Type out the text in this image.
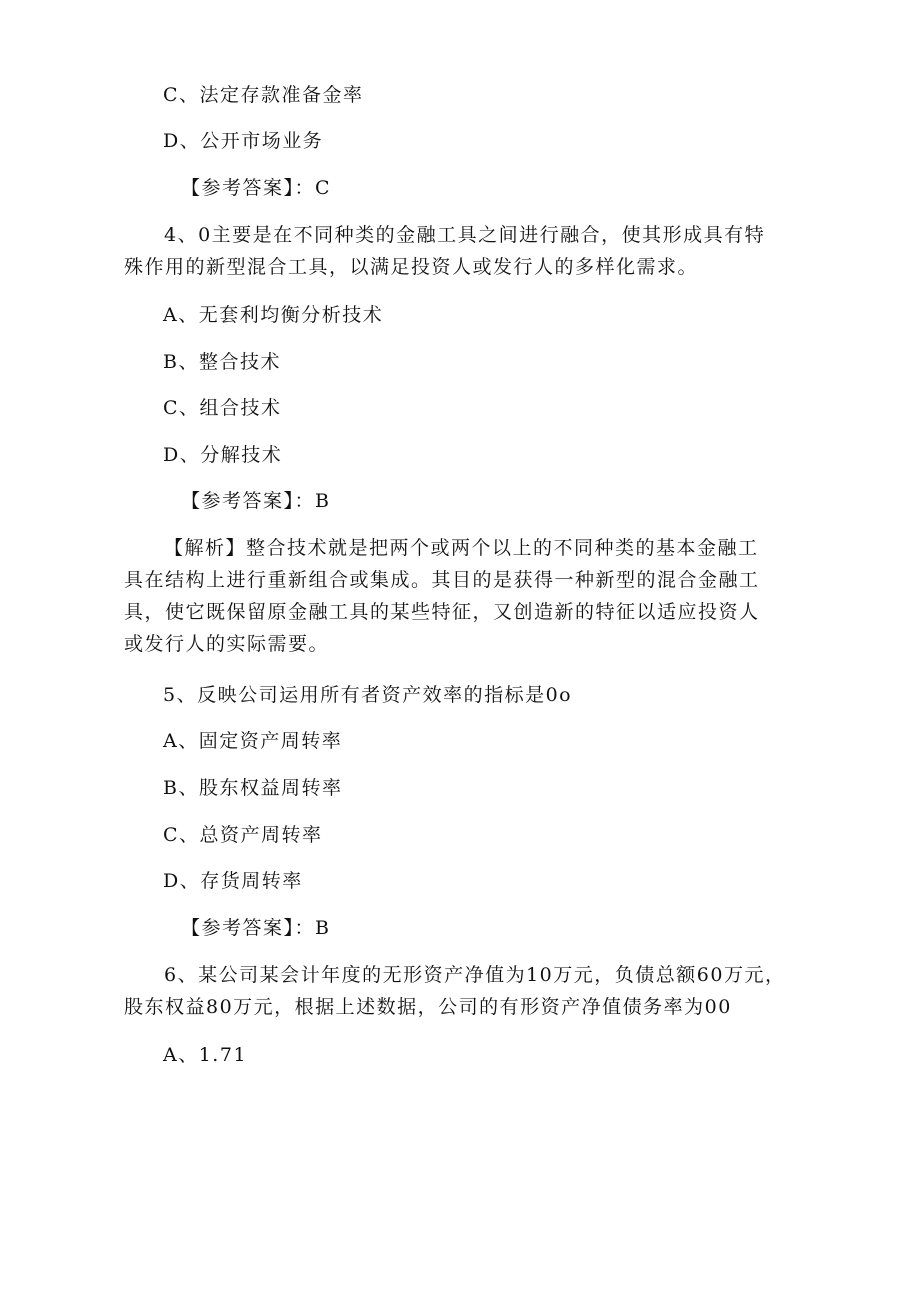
C、法定存款准备金率
D、公开市场业务
【参考答案】：C
4、0主要是在不同种类的金融工具之间进行融合，使其形成具有特
殊作用的新型混合工具，以满足投资人或发行人的多样化需求。
A、无套利均衡分析技术
B、整合技术
C、组合技术
D、分解技术
【参考答案】：B
【解析】整合技术就是把两个或两个以上的不同种类的基本金融工
具在结构上进行重新组合或集成。其目的是获得一种新型的混合金融工
具，使它既保留原金融工具的某些特征，又创造新的特征以适应投资人
或发行人的实际需要。
5、反映公司运用所有者资产效率的指标是0o
A、固定资产周转率
B、股东权益周转率
C、总资产周转率
D、存货周转率
【参考答案】：B
6、某公司某会计年度的无形资产净值为10万元，负债总额60万元，
股东权益80万元，根据上述数据，公司的有形资产净值债务率为00
A、1.71
